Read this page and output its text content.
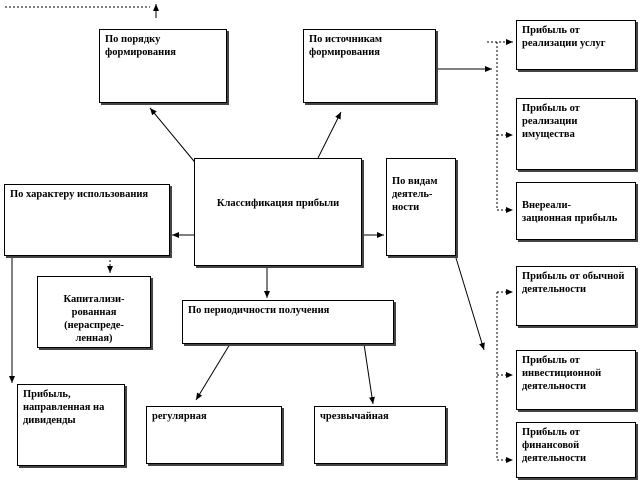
По порядку формирования
По источникам формирования
Классификация прибыли
По характеру использования

По видам деятель-
ности

По периодичности получения
Прибыль от реализации услуг
Прибыль от реализации имущества

Внереали-
зационная прибыль

Прибыль от обычной деятельности
Прибыль от инвестиционной деятельности
Прибыль от финансовой деятельности

Капитализи-
рованная (нераспреде-
ленная)

Прибыль, направленная на дивиденды	регулярная	чрезвычайная
